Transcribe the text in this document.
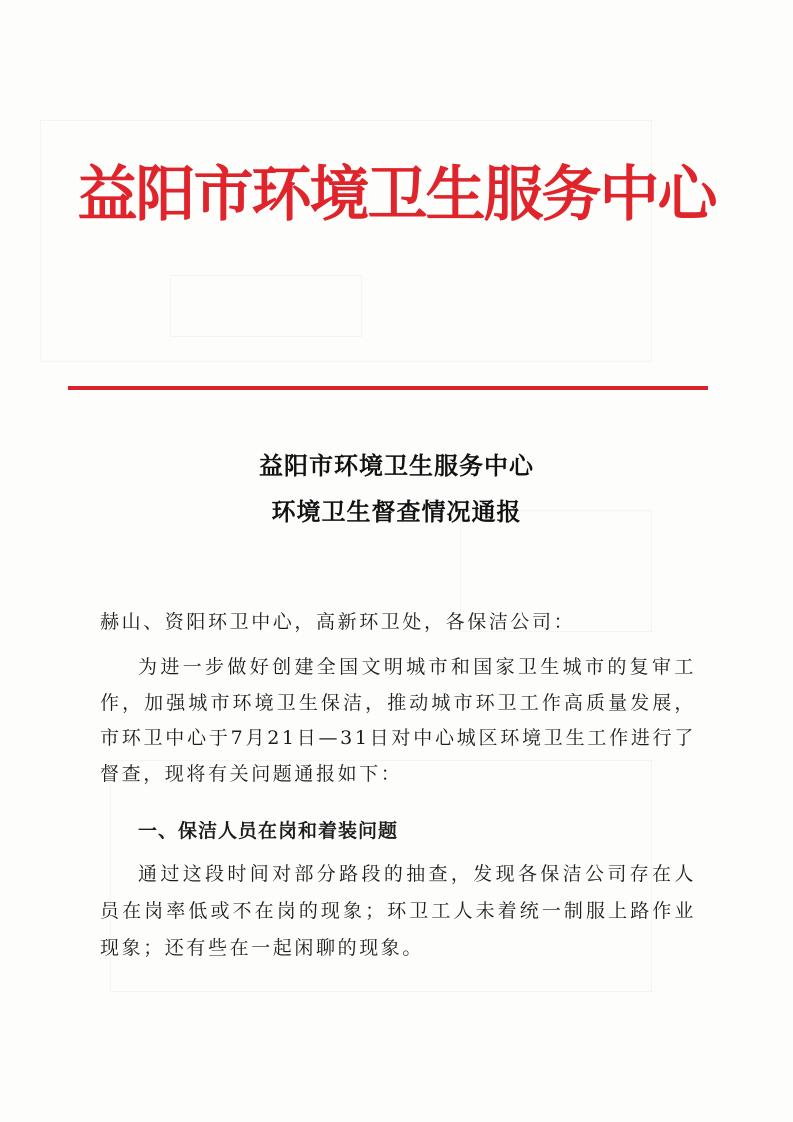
益阳市环境卫生服务中心
益阳市环境卫生服务中心
环境卫生督查情况通报
赫山、资阳环卫中心，高新环卫处，各保洁公司：
为进一步做好创建全国文明城市和国家卫生城市的复审工作，加强城市环境卫生保洁，推动城市环卫工作高质量发展，市环卫中心于7月21日—31日对中心城区环境卫生工作进行了督查，现将有关问题通报如下：
一、保洁人员在岗和着装问题
通过这段时间对部分路段的抽查，发现各保洁公司存在人员在岗率低或不在岗的现象；环卫工人未着统一制服上路作业现象；还有些在一起闲聊的现象。
